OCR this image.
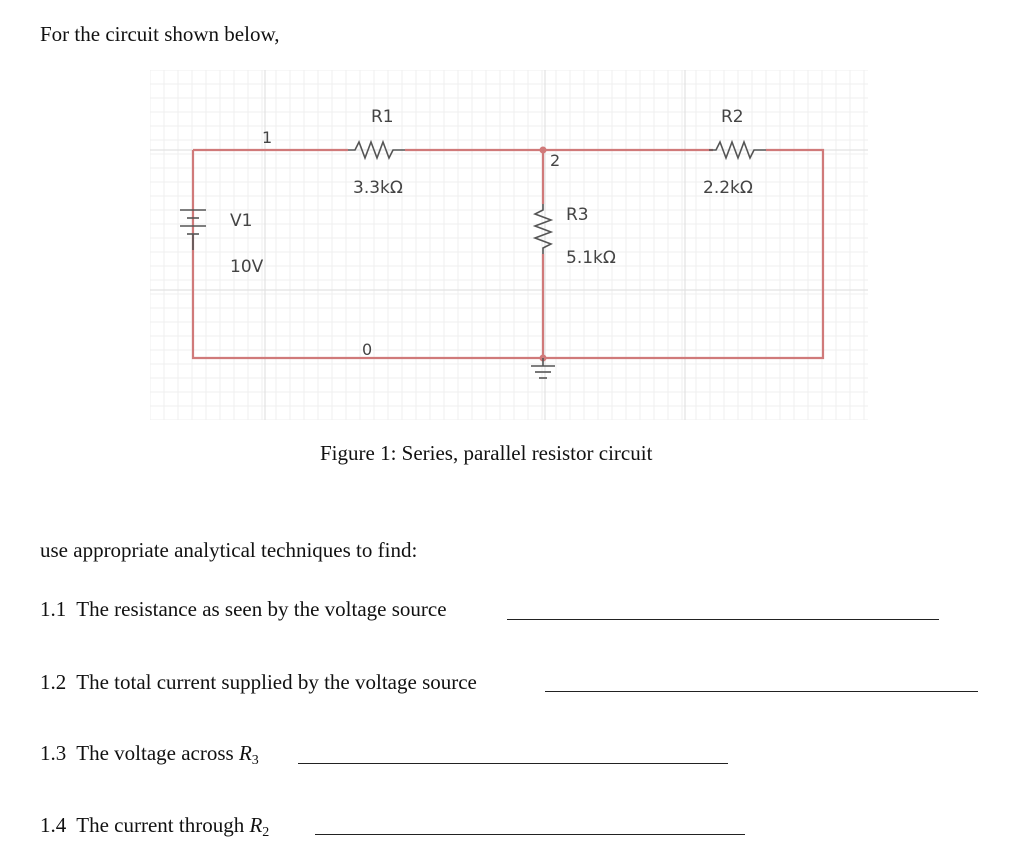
For the circuit shown below,
R1
3.3kΩ
R2
2.2kΩ
R3
5.1kΩ
V1
10V
1
2
0
Figure 1: Series, parallel resistor circuit
use appropriate analytical techniques to find:
1.1 The resistance as seen by the voltage source
1.2 The total current supplied by the voltage source
1.3 The voltage across $R_3$
1.4 The current through $R_2$
